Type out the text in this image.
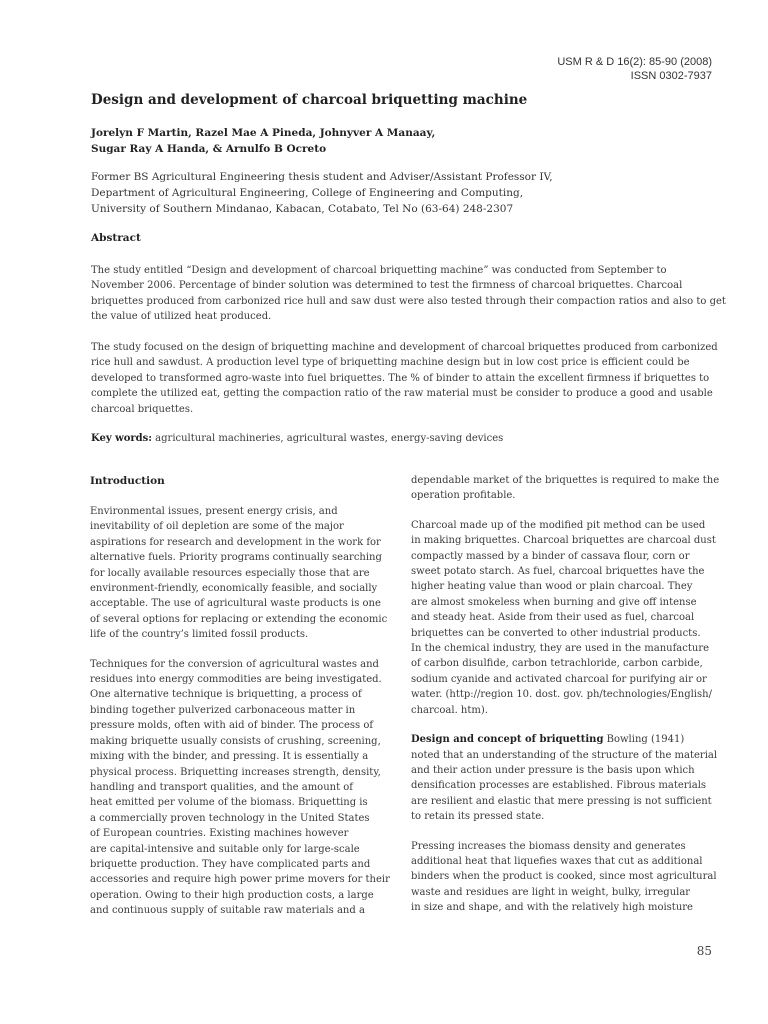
USM R & D 16(2): 85-90 (2008)
ISSN 0302-7937
Design and development of charcoal briquetting machine
Jorelyn F Martin, Razel Mae A Pineda, Johnyver A Manaay,
Sugar Ray A Handa, & Arnulfo B Ocreto
Former BS Agricultural Engineering thesis student and Adviser/Assistant Professor IV,
Department of Agricultural Engineering, College of Engineering and Computing,
University of Southern Mindanao, Kabacan, Cotabato, Tel No (63-64) 248-2307
Abstract
The study entitled “Design and development of charcoal briquetting machine” was conducted from September to
November 2006. Percentage of binder solution was determined to test the firmness of charcoal briquettes. Charcoal
briquettes produced from carbonized rice hull and saw dust were also tested through their compaction ratios and also to get
the value of utilized heat produced.
The study focused on the design of briquetting machine and development of charcoal briquettes produced from carbonized
rice hull and sawdust. A production level type of briquetting machine design but in low cost price is efficient could be
developed to transformed agro-waste into fuel briquettes. The % of binder to attain the excellent firmness if briquettes to
complete the utilized eat, getting the compaction ratio of the raw material must be consider to produce a good and usable
charcoal briquettes.

Key words: agricultural machineries, agricultural wastes, energy-saving devices

Introduction
Environmental issues, present energy crisis, and
inevitability of oil depletion are some of the major
aspirations for research and development in the work for
alternative fuels. Priority programs continually searching
for locally available resources especially those that are
environment-friendly, economically feasible, and socially
acceptable. The use of agricultural waste products is one
of several options for replacing or extending the economic
life of the country’s limited fossil products.
Techniques for the conversion of agricultural wastes and
residues into energy commodities are being investigated.
One alternative technique is briquetting, a process of
binding together pulverized carbonaceous matter in
pressure molds, often with aid of binder. The process of
making briquette usually consists of crushing, screening,
mixing with the binder, and pressing. It is essentially a
physical process. Briquetting increases strength, density,
handling and transport qualities, and the amount of
heat emitted per volume of the biomass. Briquetting is
a commercially proven technology in the United States
of European countries. Existing machines however
are capital-intensive and suitable only for large-scale
briquette production. They have complicated parts and
accessories and require high power prime movers for their
operation. Owing to their high production costs, a large
and continuous supply of suitable raw materials and a
dependable market of the briquettes is required to make the
operation profitable.
Charcoal made up of the modified pit method can be used
in making briquettes. Charcoal briquettes are charcoal dust
compactly massed by a binder of cassava flour, corn or
sweet potato starch. As fuel, charcoal briquettes have the
higher heating value than wood or plain charcoal. They
are almost smokeless when burning and give off intense
and steady heat. Aside from their used as fuel, charcoal
briquettes can be converted to other industrial products.
In the chemical industry, they are used in the manufacture
of carbon disulfide, carbon tetrachloride, carbon carbide,
sodium cyanide and activated charcoal for purifying air or
water. (http://region 10. dost. gov. ph/technologies/English/
charcoal. htm).
Design and concept of briquetting Bowling (1941)
noted that an understanding of the structure of the material
and their action under pressure is the basis upon which
densification processes are established. Fibrous materials
are resilient and elastic that mere pressing is not sufficient
to retain its pressed state.
Pressing increases the biomass density and generates
additional heat that liquefies waxes that cut as additional
binders when the product is cooked, since most agricultural
waste and residues are light in weight, bulky, irregular
in size and shape, and with the relatively high moisture
85
